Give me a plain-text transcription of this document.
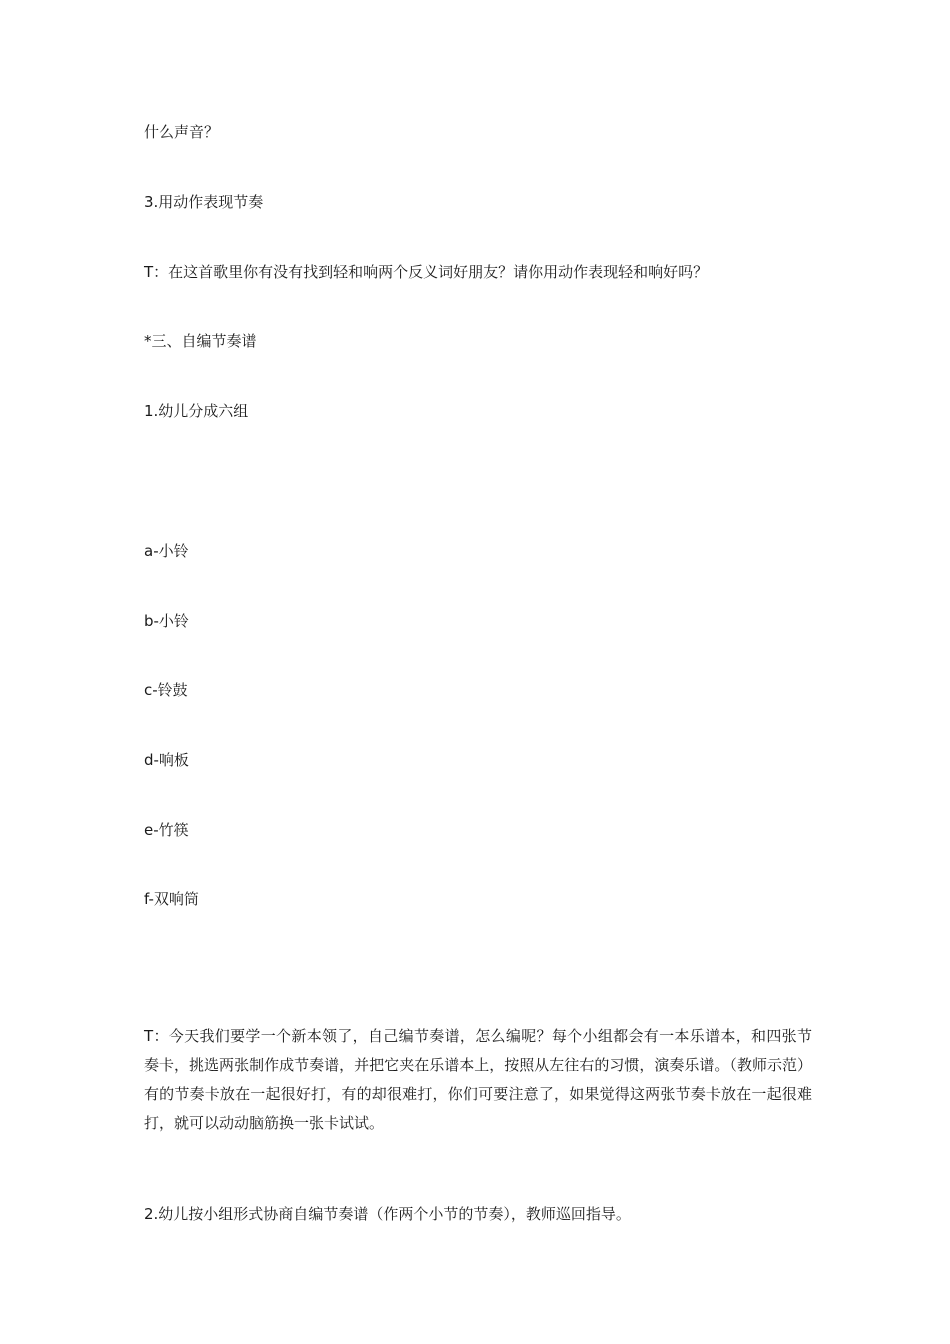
什么声音？

3.用动作表现节奏

T：在这首歌里你有没有找到轻和响两个反义词好朋友？请你用动作表现轻和响好吗？

*三、自编节奏谱

1.幼儿分成六组

a-小铃

b-小铃

c-铃鼓

d-响板

e-竹筷

f-双响筒

T：今天我们要学一个新本领了，自己编节奏谱，怎么编呢？每个小组都会有一本乐谱本，和四张节奏卡，挑选两张制作成节奏谱，并把它夹在乐谱本上，按照从左往右的习惯，演奏乐谱。（教师示范）有的节奏卡放在一起很好打，有的却很难打，你们可要注意了，如果觉得这两张节奏卡放在一起很难打，就可以动动脑筋换一张卡试试。

2.幼儿按小组形式协商自编节奏谱（作两个小节的节奏），教师巡回指导。
